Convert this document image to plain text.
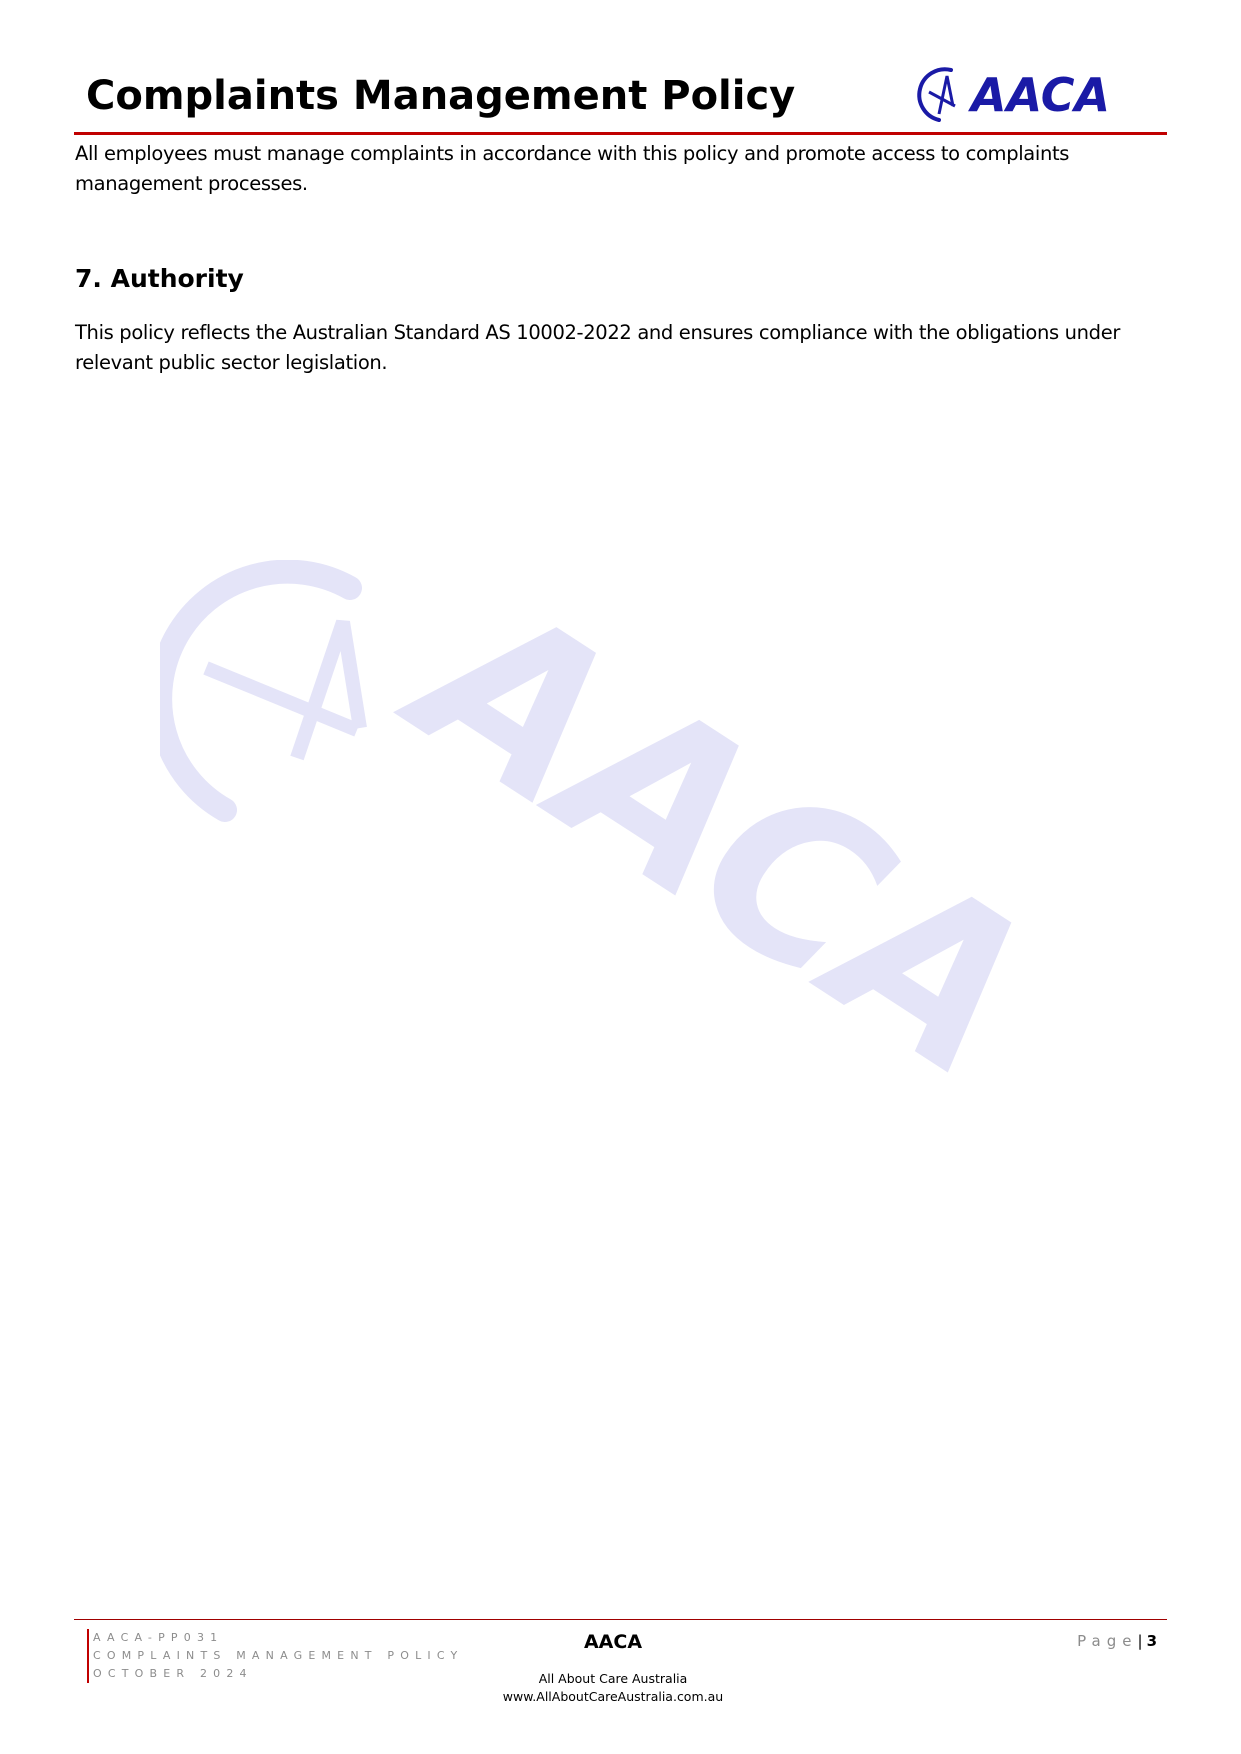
Complaints Management Policy	AACA

All employees must manage complaints in accordance with this policy and promote access to complaints management processes.

7. Authority

This policy reflects the Australian Standard AS 10002-2022 and ensures compliance with the obligations under relevant public sector legislation.

AACA
AACA-PP031
COMPLAINTS MANAGEMENT POLICY
OCTOBER 2024
AACA
All About Care Australia
www.AllAboutCareAustralia.com.au
Page| 3
